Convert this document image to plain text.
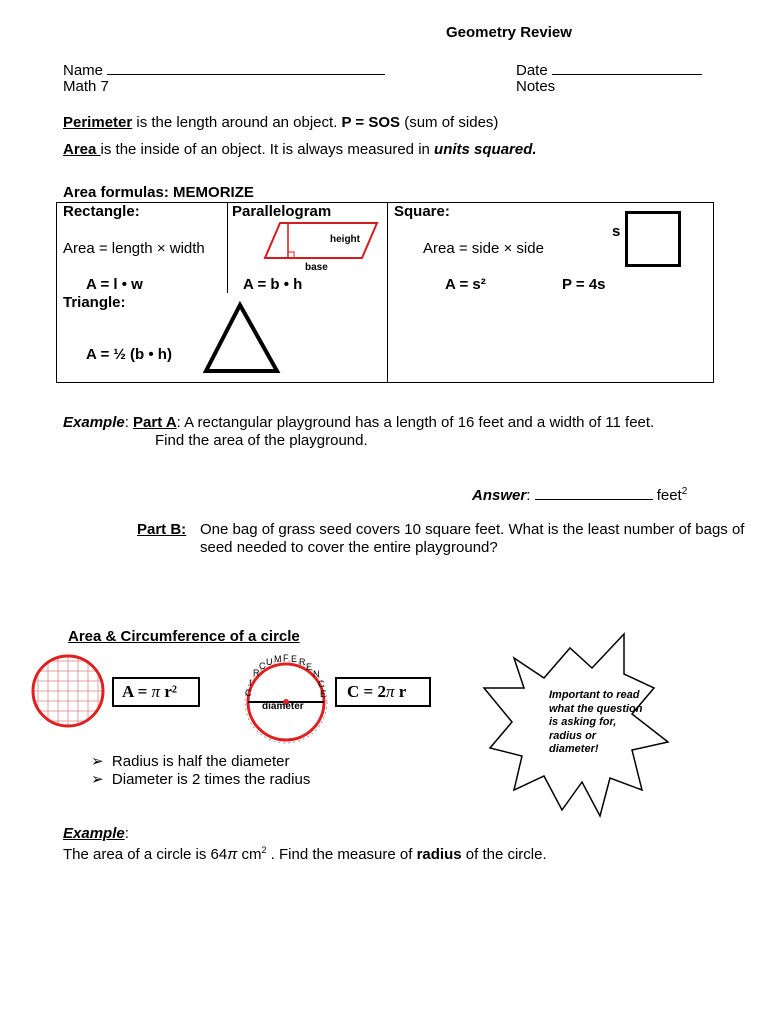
Geometry Review
Name
Math 7
Date
Notes
Perimeter is the length around an object. P = SOS (sum of sides)
Area is the inside of an object. It is always measured in units squared.
Area formulas: MEMORIZE
Rectangle:
Area = length × width
A = l • w
Parallelogram
height
base
A = b • h
Square:
Area = side × side
s
A = s²	P = 4s
Triangle:
A = ½ (b • h)
Example: Part A: A rectangular playground has a length of 16 feet and a width of 11 feet.
Find the area of the playground.
Answer:	feet$^2$
Part B: One bag of grass seed covers 10 square feet. What is the least number of bags of
seed needed to cover the entire playground?
Area & Circumference of a circle
A = π r²
diameter
C
I
R
C U M F E R E
N
C
E	C = 2π r	Important to read
what the question
is asking for,
radius or
diameter!
➢ Radius is half the diameter
➢ Diameter is 2 times the radius
Example:
The area of a circle is 64π $cm^2$ . Find the measure of radius of the circle.
